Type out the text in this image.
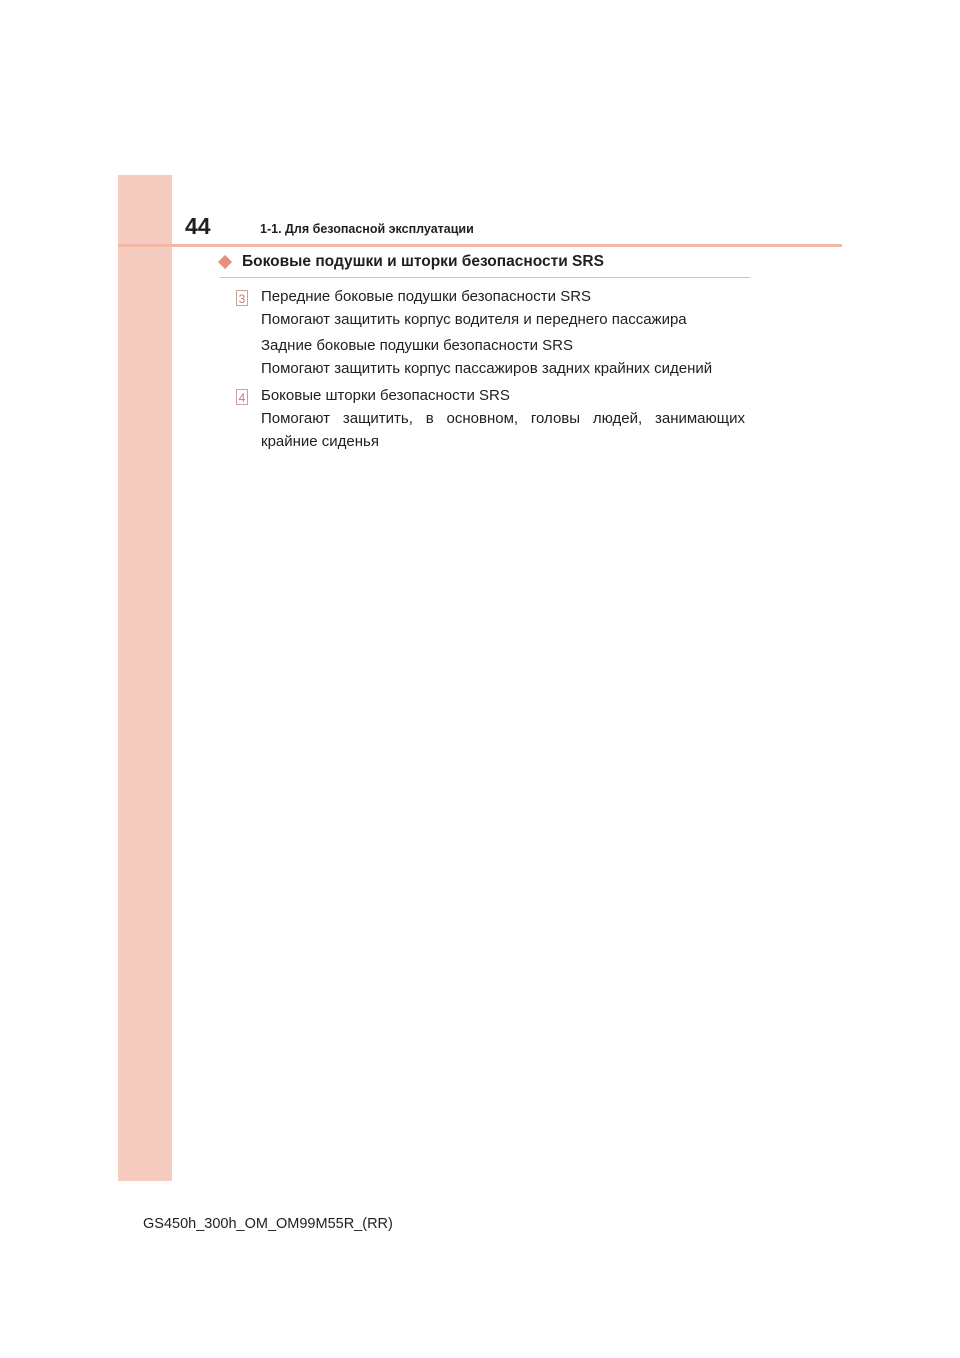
44	1-1. Для безопасной эксплуатации
Боковые подушки и шторки безопасности SRS
3 Передние боковые подушки безопасности SRS
Помогают защитить корпус водителя и переднего пассажира
Задние боковые подушки безопасности SRS
Помогают защитить корпус пассажиров задних крайних сидений
4 Боковые шторки безопасности SRS
Помогают защитить, в основном, головы людей, занимающих
крайние сиденья
GS450h_300h_OM_OM99M55R_(RR)
